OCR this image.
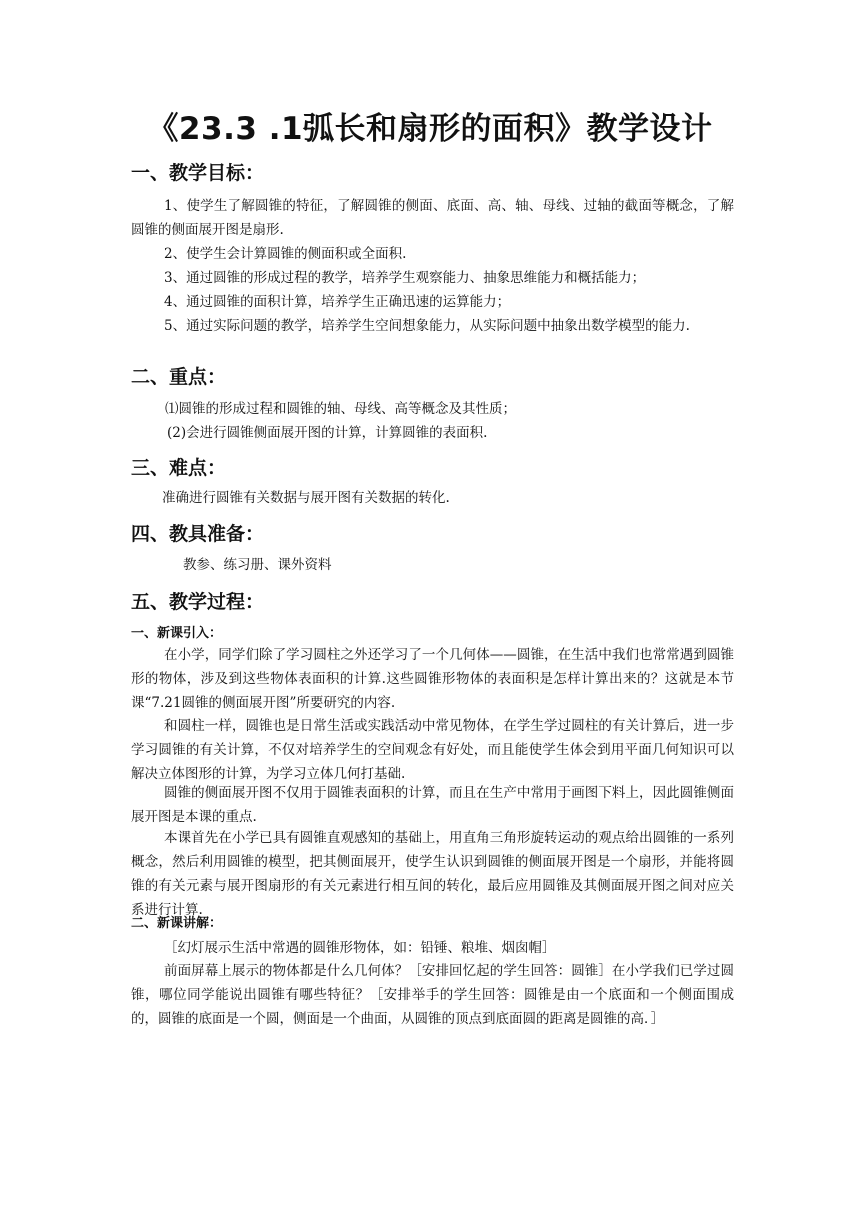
《23.3 .1弧长和扇形的面积》教学设计
一、教学目标：

1、使学生了解圆锥的特征，了解圆锥的侧面、底面、高、轴、母线、过轴的截面等概念，了解圆锥的侧面展开图是扇形.

2、使学生会计算圆锥的侧面积或全面积.

3、通过圆锥的形成过程的教学，培养学生观察能力、抽象思维能力和概括能力；

4、通过圆锥的面积计算，培养学生正确迅速的运算能力；

5、通过实际问题的教学，培养学生空间想象能力，从实际问题中抽象出数学模型的能力.

二、重点：

⑴圆锥的形成过程和圆锥的轴、母线、高等概念及其性质；

(2)会进行圆锥侧面展开图的计算，计算圆锥的表面积.

三、难点：

准确进行圆锥有关数据与展开图有关数据的转化.

四、教具准备：

教参、练习册、课外资料

五、教学过程：
一、新课引入：

在小学，同学们除了学习圆柱之外还学习了一个几何体——圆锥，在生活中我们也常常遇到圆锥形的物体，涉及到这些物体表面积的计算.这些圆锥形物体的表面积是怎样计算出来的？这就是本节课“7.21圆锥的侧面展开图”所要研究的内容.

和圆柱一样，圆锥也是日常生活或实践活动中常见物体，在学生学过圆柱的有关计算后，进一步学习圆锥的有关计算，不仅对培养学生的空间观念有好处，而且能使学生体会到用平面几何知识可以解决立体图形的计算，为学习立体几何打基础.

圆锥的侧面展开图不仅用于圆锥表面积的计算，而且在生产中常用于画图下料上，因此圆锥侧面展开图是本课的重点.

本课首先在小学已具有圆锥直观感知的基础上，用直角三角形旋转运动的观点给出圆锥的一系列概念，然后利用圆锥的模型，把其侧面展开，使学生认识到圆锥的侧面展开图是一个扇形，并能将圆锥的有关元素与展开图扇形的有关元素进行相互间的转化，最后应用圆锥及其侧面展开图之间对应关系进行计算.

二、新课讲解：

［幻灯展示生活中常遇的圆锥形物体，如：铅锤、粮堆、烟囱帽］

前面屏幕上展示的物体都是什么几何体？［安排回忆起的学生回答：圆锥］在小学我们已学过圆锥，哪位同学能说出圆锥有哪些特征？［安排举手的学生回答：圆锥是由一个底面和一个侧面围成的，圆锥的底面是一个圆，侧面是一个曲面，从圆锥的顶点到底面圆的距离是圆锥的高．］
